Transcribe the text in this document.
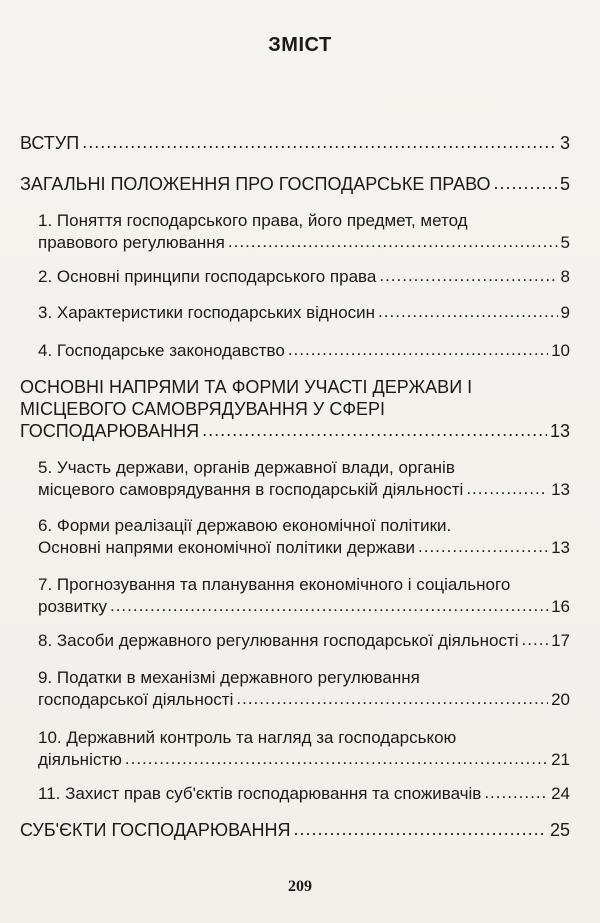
ЗМІСТ
ВСТУП .....	3
ЗАГАЛЬНІ ПОЛОЖЕННЯ ПРО ГОСПОДАРСЬКЕ ПРАВО .....	5
1. Поняття господарського права, його предмет, метод
правового регулювання .....	5
2. Основні принципи господарського права .....	8
3. Характеристики господарських відносин .....	9
4. Господарське законодавство .....	10
ОСНОВНІ НАПРЯМИ ТА ФОРМИ УЧАСТІ ДЕРЖАВИ І
МІСЦЕВОГО САМОВРЯДУВАННЯ У СФЕРІ
ГОСПОДАРЮВАННЯ .....	13
5. Участь держави, органів державної влади, органів
місцевого самоврядування в господарській діяльності .....	13
6. Форми реалізації державою економічної політики.
Основні напрями економічної політики держави .....	13
7. Прогнозування та планування економічного і соціального
розвитку .....	16
8. Засоби державного регулювання господарської діяльності ..... 17
9. Податки в механізмі державного регулювання
господарської діяльності .....	20
10. Державний контроль та нагляд за господарською
діяльністю .....	21
11. Захист прав суб'єктів господарювання та споживачів .....	24
СУБ'ЄКТИ ГОСПОДАРЮВАННЯ .....	25
209
